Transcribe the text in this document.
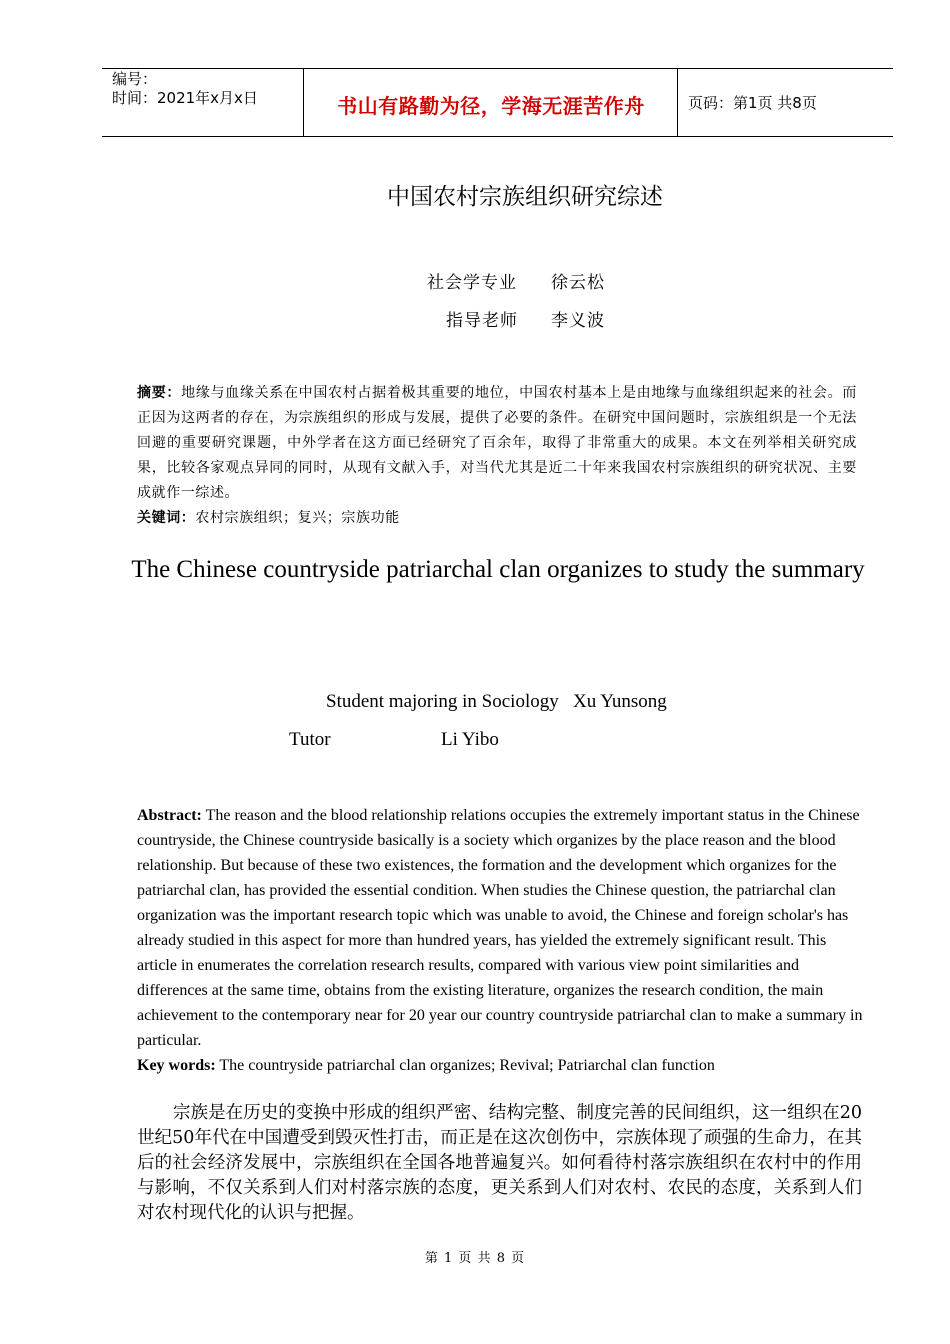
编号：
时间：2021年x月x日	书山有路勤为径，学海无涯苦作舟	页码：第1页 共8页
中国农村宗族组织研究综述
社会学专业 徐云松
指导老师 李义波
摘要：地缘与血缘关系在中国农村占据着极其重要的地位，中国农村基本上是由地缘与血缘组织起来的社会。而正因为这两者的存在，为宗族组织的形成与发展，提供了必要的条件。在研究中国问题时，宗族组织是一个无法回避的重要研究课题，中外学者在这方面已经研究了百余年，取得了非常重大的成果。本文在列举相关研究成果，比较各家观点异同的同时，从现有文献入手，对当代尤其是近二十年来我国农村宗族组织的研究状况、主要成就作一综述。
关键词：农村宗族组织；复兴；宗族功能
The Chinese countryside patriarchal clan organizes to study the summary
Student majoring in Sociology   Xu Yunsong
Tutor	Li Yibo
Abstract: The reason and the blood relationship relations occupies the extremely important status in the Chinese countryside, the Chinese countryside basically is a society which organizes by the place reason and the blood relationship. But because of these two existences, the formation and the development which organizes for the patriarchal clan, has provided the essential condition. When studies the Chinese question, the patriarchal clan organization was the important research topic which was unable to avoid, the Chinese and foreign scholar's has already studied in this aspect for more than hundred years, has yielded the extremely significant result. This article in enumerates the correlation research results, compared with various view point similarities and differences at the same time, obtains from the existing literature, organizes the research condition, the main achievement to the contemporary near for 20 year our country countryside patriarchal clan to make a summary in particular.
Key words: The countryside patriarchal clan organizes; Revival; Patriarchal clan function
宗族是在历史的变换中形成的组织严密、结构完整、制度完善的民间组织，这一组织在20世纪50年代在中国遭受到毁灭性打击，而正是在这次创伤中，宗族体现了顽强的生命力，在其后的社会经济发展中，宗族组织在全国各地普遍复兴。如何看待村落宗族组织在农村中的作用与影响，不仅关系到人们对村落宗族的态度，更关系到人们对农村、农民的态度，关系到人们对农村现代化的认识与把握。
第 1 页 共 8 页
